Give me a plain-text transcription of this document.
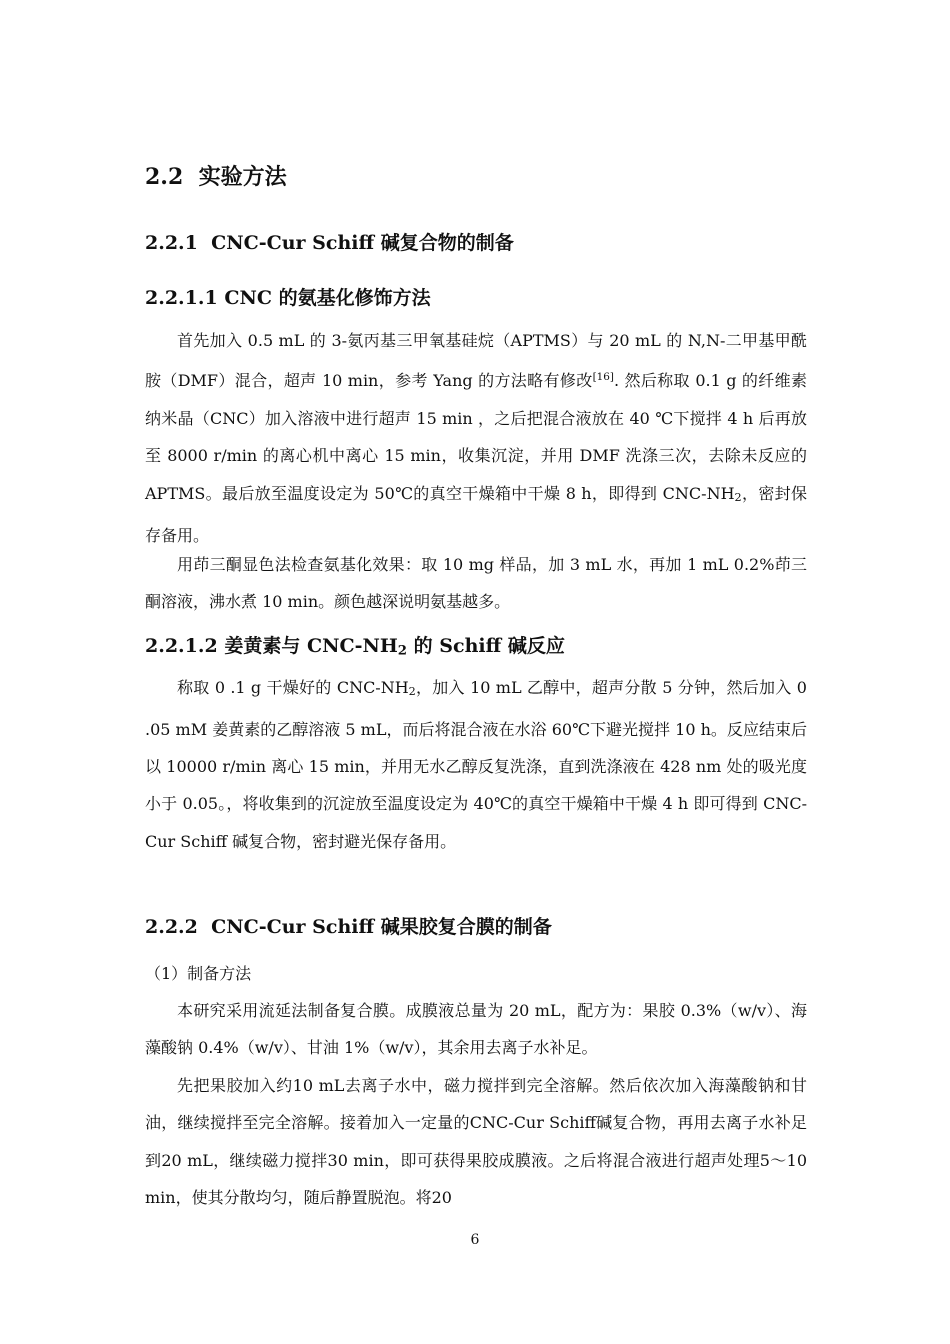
2.2 实验方法
2.2.1 CNC-Cur Schiff 碱复合物的制备
2.2.1.1 CNC 的氨基化修饰方法

首先加入 0.5 mL 的 3-氨丙基三甲氧基硅烷（APTMS）与 20 mL 的 N,N-二甲基甲酰胺（DMF）混合，超声 10 min，参考 Yang 的方法略有修改[16]. 然后称取 0.1 g 的纤维素纳米晶（CNC）加入溶液中进行超声 15 min ，之后把混合液放在 40 ℃下搅拌 4 h 后再放至 8000 r/min 的离心机中离心 15 min，收集沉淀，并用 DMF 洗涤三次，去除未反应的 APTMS。最后放至温度设定为 50℃的真空干燥箱中干燥 8 h，即得到 CNC-$NH_2$，密封保存备用。

用茚三酮显色法检查氨基化效果：取 10 mg 样品，加 3 mL 水，再加 1 mL 0.2%茚三酮溶液，沸水煮 10 min。颜色越深说明氨基越多。

2.2.1.2 姜黄素与 CNC-$NH_2$ 的 Schiff 碱反应

称取 0 .1 g 干燥好的 CNC-$NH_2$，加入 10 mL 乙醇中，超声分散 5 分钟，然后加入 0 .05 mM 姜黄素的乙醇溶液 5 mL，而后将混合液在水浴 60℃下避光搅拌 10 h。反应结束后以 10000 r/min 离心 15 min，并用无水乙醇反复洗涤，直到洗涤液在 428 nm 处的吸光度小于 0.05。，将收集到的沉淀放至温度设定为 40℃的真空干燥箱中干燥 4 h 即可得到 CNC-Cur Schiff 碱复合物，密封避光保存备用。

2.2.2 CNC-Cur Schiff 碱果胶复合膜的制备

（1）制备方法

本研究采用流延法制备复合膜。成膜液总量为 20 mL，配方为：果胶 0.3%（w/v）、海藻酸钠 0.4%（w/v）、甘油 1%（w/v），其余用去离子水补足。

先把果胶加入约10 mL去离子水中，磁力搅拌到完全溶解。然后依次加入海藻酸钠和甘油，继续搅拌至完全溶解。接着加入一定量的CNC-Cur Schiff碱复合物，再用去离子水补足到20 mL，继续磁力搅拌30 min，即可获得果胶成膜液。之后将混合液进行超声处理5～10 min，使其分散均匀，随后静置脱泡。将20

6
